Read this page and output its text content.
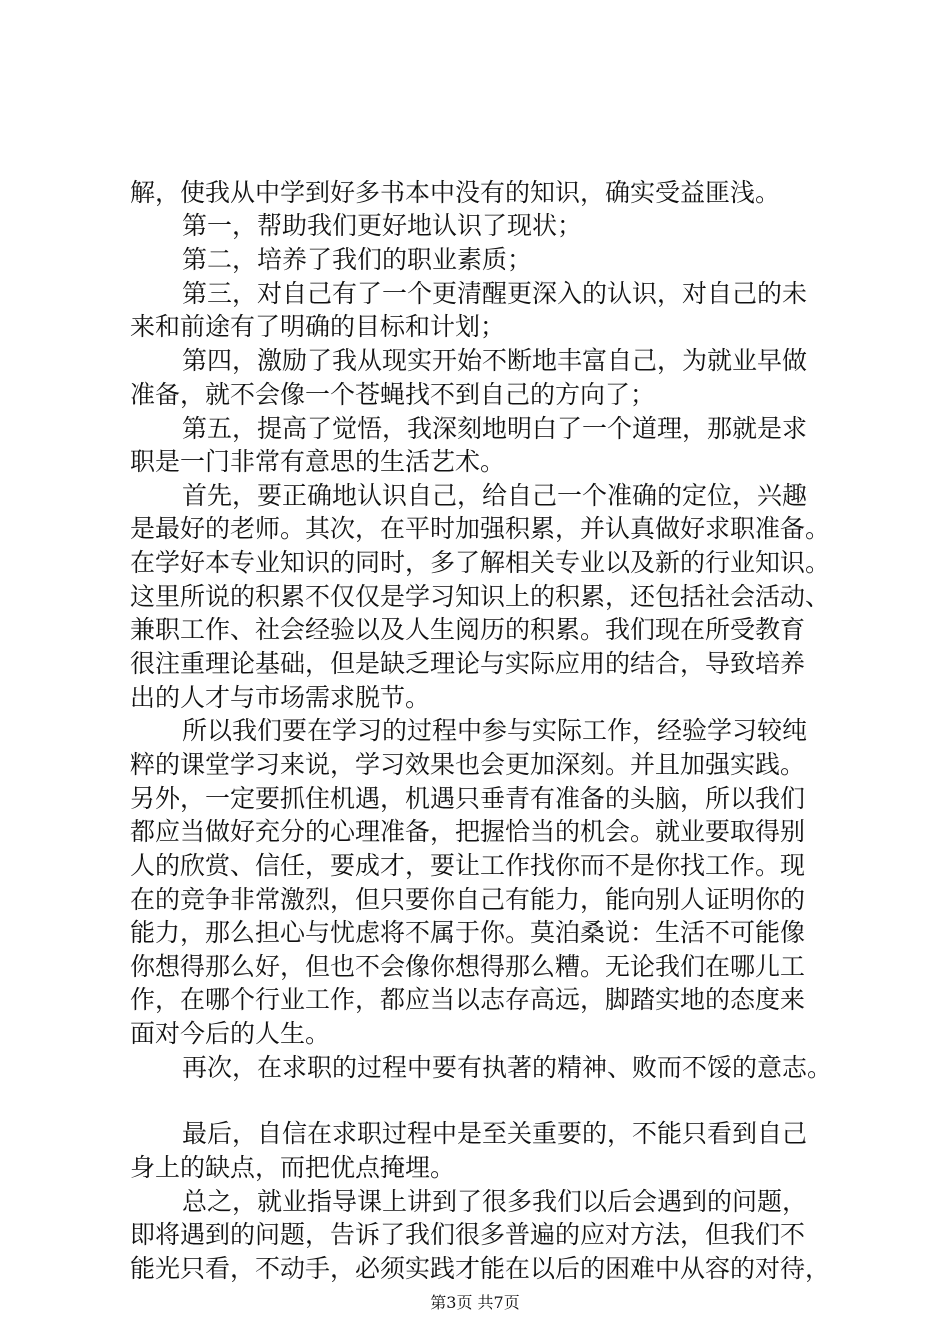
解，使我从中学到好多书本中没有的知识，确实受益匪浅。
第一，帮助我们更好地认识了现状；
第二，培养了我们的职业素质；
第三，对自己有了一个更清醒更深入的认识，对自己的未
来和前途有了明确的目标和计划；
第四，激励了我从现实开始不断地丰富自己，为就业早做
准备，就不会像一个苍蝇找不到自己的方向了；
第五，提高了觉悟，我深刻地明白了一个道理，那就是求
职是一门非常有意思的生活艺术。
首先，要正确地认识自己，给自己一个准确的定位，兴趣
是最好的老师。其次，在平时加强积累，并认真做好求职准备。
在学好本专业知识的同时，多了解相关专业以及新的行业知识。
这里所说的积累不仅仅是学习知识上的积累，还包括社会活动、
兼职工作、社会经验以及人生阅历的积累。我们现在所受教育
很注重理论基础，但是缺乏理论与实际应用的结合，导致培养
出的人才与市场需求脱节。
所以我们要在学习的过程中参与实际工作，经验学习较纯
粹的课堂学习来说，学习效果也会更加深刻。并且加强实践。
另外，一定要抓住机遇，机遇只垂青有准备的头脑，所以我们
都应当做好充分的心理准备，把握恰当的机会。就业要取得别
人的欣赏、信任，要成才，要让工作找你而不是你找工作。现
在的竞争非常激烈，但只要你自己有能力，能向别人证明你的
能力，那么担心与忧虑将不属于你。莫泊桑说：生活不可能像
你想得那么好，但也不会像你想得那么糟。无论我们在哪儿工
作，在哪个行业工作，都应当以志存高远，脚踏实地的态度来
面对今后的人生。
再次，在求职的过程中要有执著的精神、败而不馁的意志。
最后，自信在求职过程中是至关重要的，不能只看到自己
身上的缺点，而把优点掩埋。
总之，就业指导课上讲到了很多我们以后会遇到的问题，
即将遇到的问题，告诉了我们很多普遍的应对方法，但我们不
能光只看，不动手，必须实践才能在以后的困难中从容的对待，
第3页 共7页
